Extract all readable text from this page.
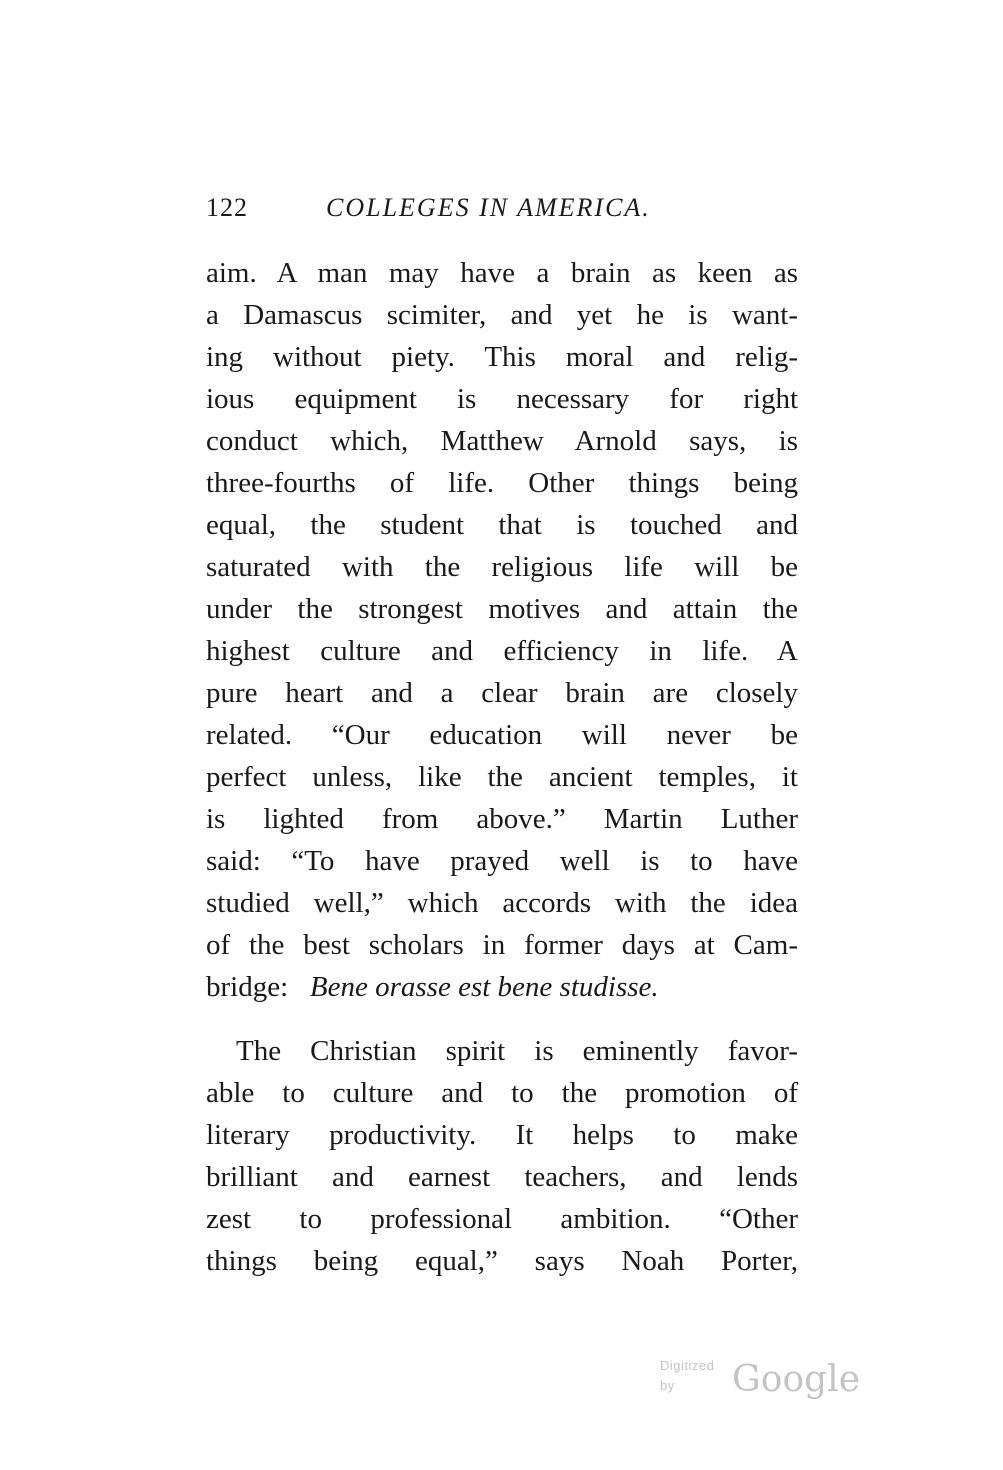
122	COLLEGES IN AMERICA.
aim. A man may have a brain as keen as
a Damascus scimiter, and yet he is want-
ing without piety. This moral and relig-
ious equipment is necessary for right
conduct which, Matthew Arnold says, is
three-fourths of life. Other things being
equal, the student that is touched and
saturated with the religious life will be
under the strongest motives and attain the
highest culture and efficiency in life. A
pure heart and a clear brain are closely
related. “Our education will never be
perfect unless, like the ancient temples, it
is lighted from above.” Martin Luther
said: “To have prayed well is to have
studied well,” which accords with the idea
of the best scholars in former days at Cam-
bridge: Bene orasse est bene studisse.
The Christian spirit is eminently favor-
able to culture and to the promotion of
literary productivity. It helps to make
brilliant and earnest teachers, and lends
zest to professional ambition. “Other
things being equal,” says Noah Porter,
Digitized by	Google
